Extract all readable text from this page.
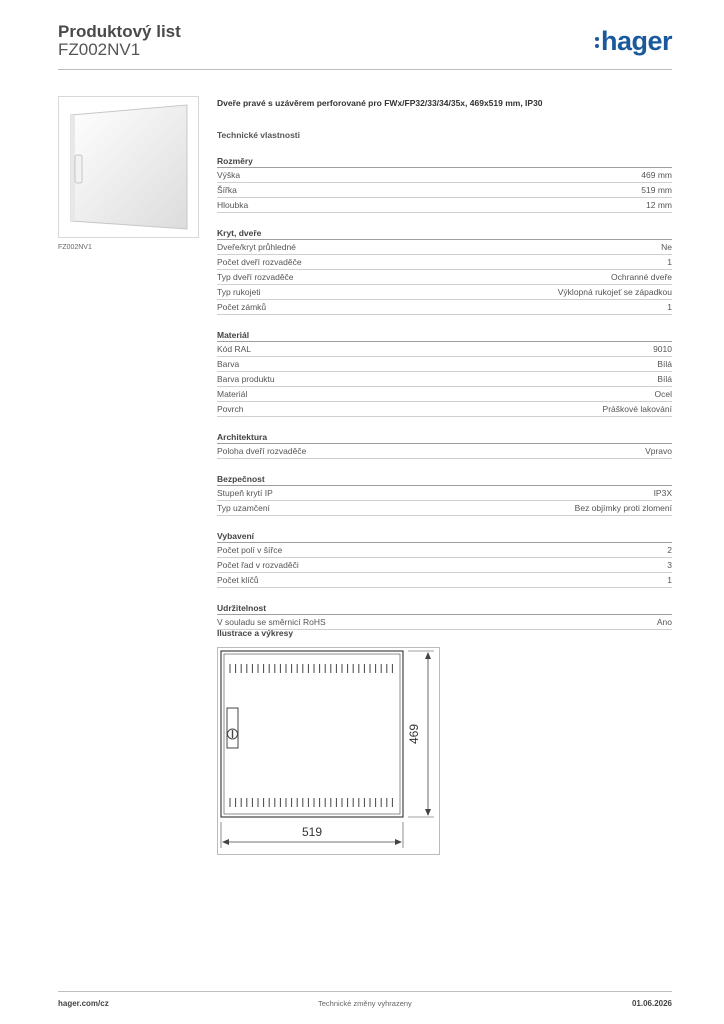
Produktový list
FZ002NV1	hager
FZ002NV1
Dveře pravé s uzávěrem perforované pro FWx/FP32/33/34/35x, 469x519 mm, IP30
Technické vlastnosti
Rozměry
Výška	469 mm
Šířka	519 mm
Hloubka	12 mm
Kryt, dveře
Dveře/kryt průhledné	Ne
Počet dveří rozvaděče	1
Typ dveří rozvaděče	Ochranné dveře
Typ rukojeti	Výklopná rukojeť se západkou
Počet zámků	1
Materiál
Kód RAL	9010
Barva	Bílá
Barva produktu	Bílá
Materiál	Ocel
Povrch	Práškové lakování
Architektura
Poloha dveří rozvaděče	Vpravo
Bezpečnost
Stupeň krytí IP	IP3X
Typ uzamčení	Bez objímky proti zlomení
Vybavení
Počet polí v šířce	2
Počet řad v rozvaděči	3
Počet klíčů	1
Udržitelnost
V souladu se směrnicí RoHS	Ano
Ilustrace a výkresy
469
519
hager.com/cz	Technické změny vyhrazeny	01.06.2026
